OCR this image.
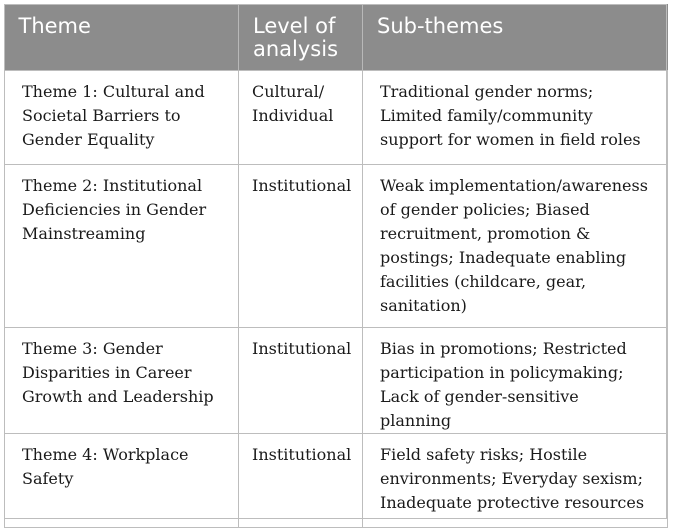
Theme	Level of analysis	Sub-themes
Theme 1: Cultural and Societal Barriers to Gender Equality	Cultural/ Individual	Traditional gender norms; Limited family/community support for women in field roles
Theme 2: Institutional Deficiencies in Gender Mainstreaming	Institutional	Weak implementation/awareness of gender policies; Biased recruitment, promotion & postings; Inadequate enabling facilities (childcare, gear, sanitation)
Theme 3: Gender Disparities in Career Growth and Leadership	Institutional	Bias in promotions; Restricted participation in policymaking; Lack of gender-sensitive planning
Theme 4: Workplace Safety	Institutional	Field safety risks; Hostile environments; Everyday sexism; Inadequate protective resources
